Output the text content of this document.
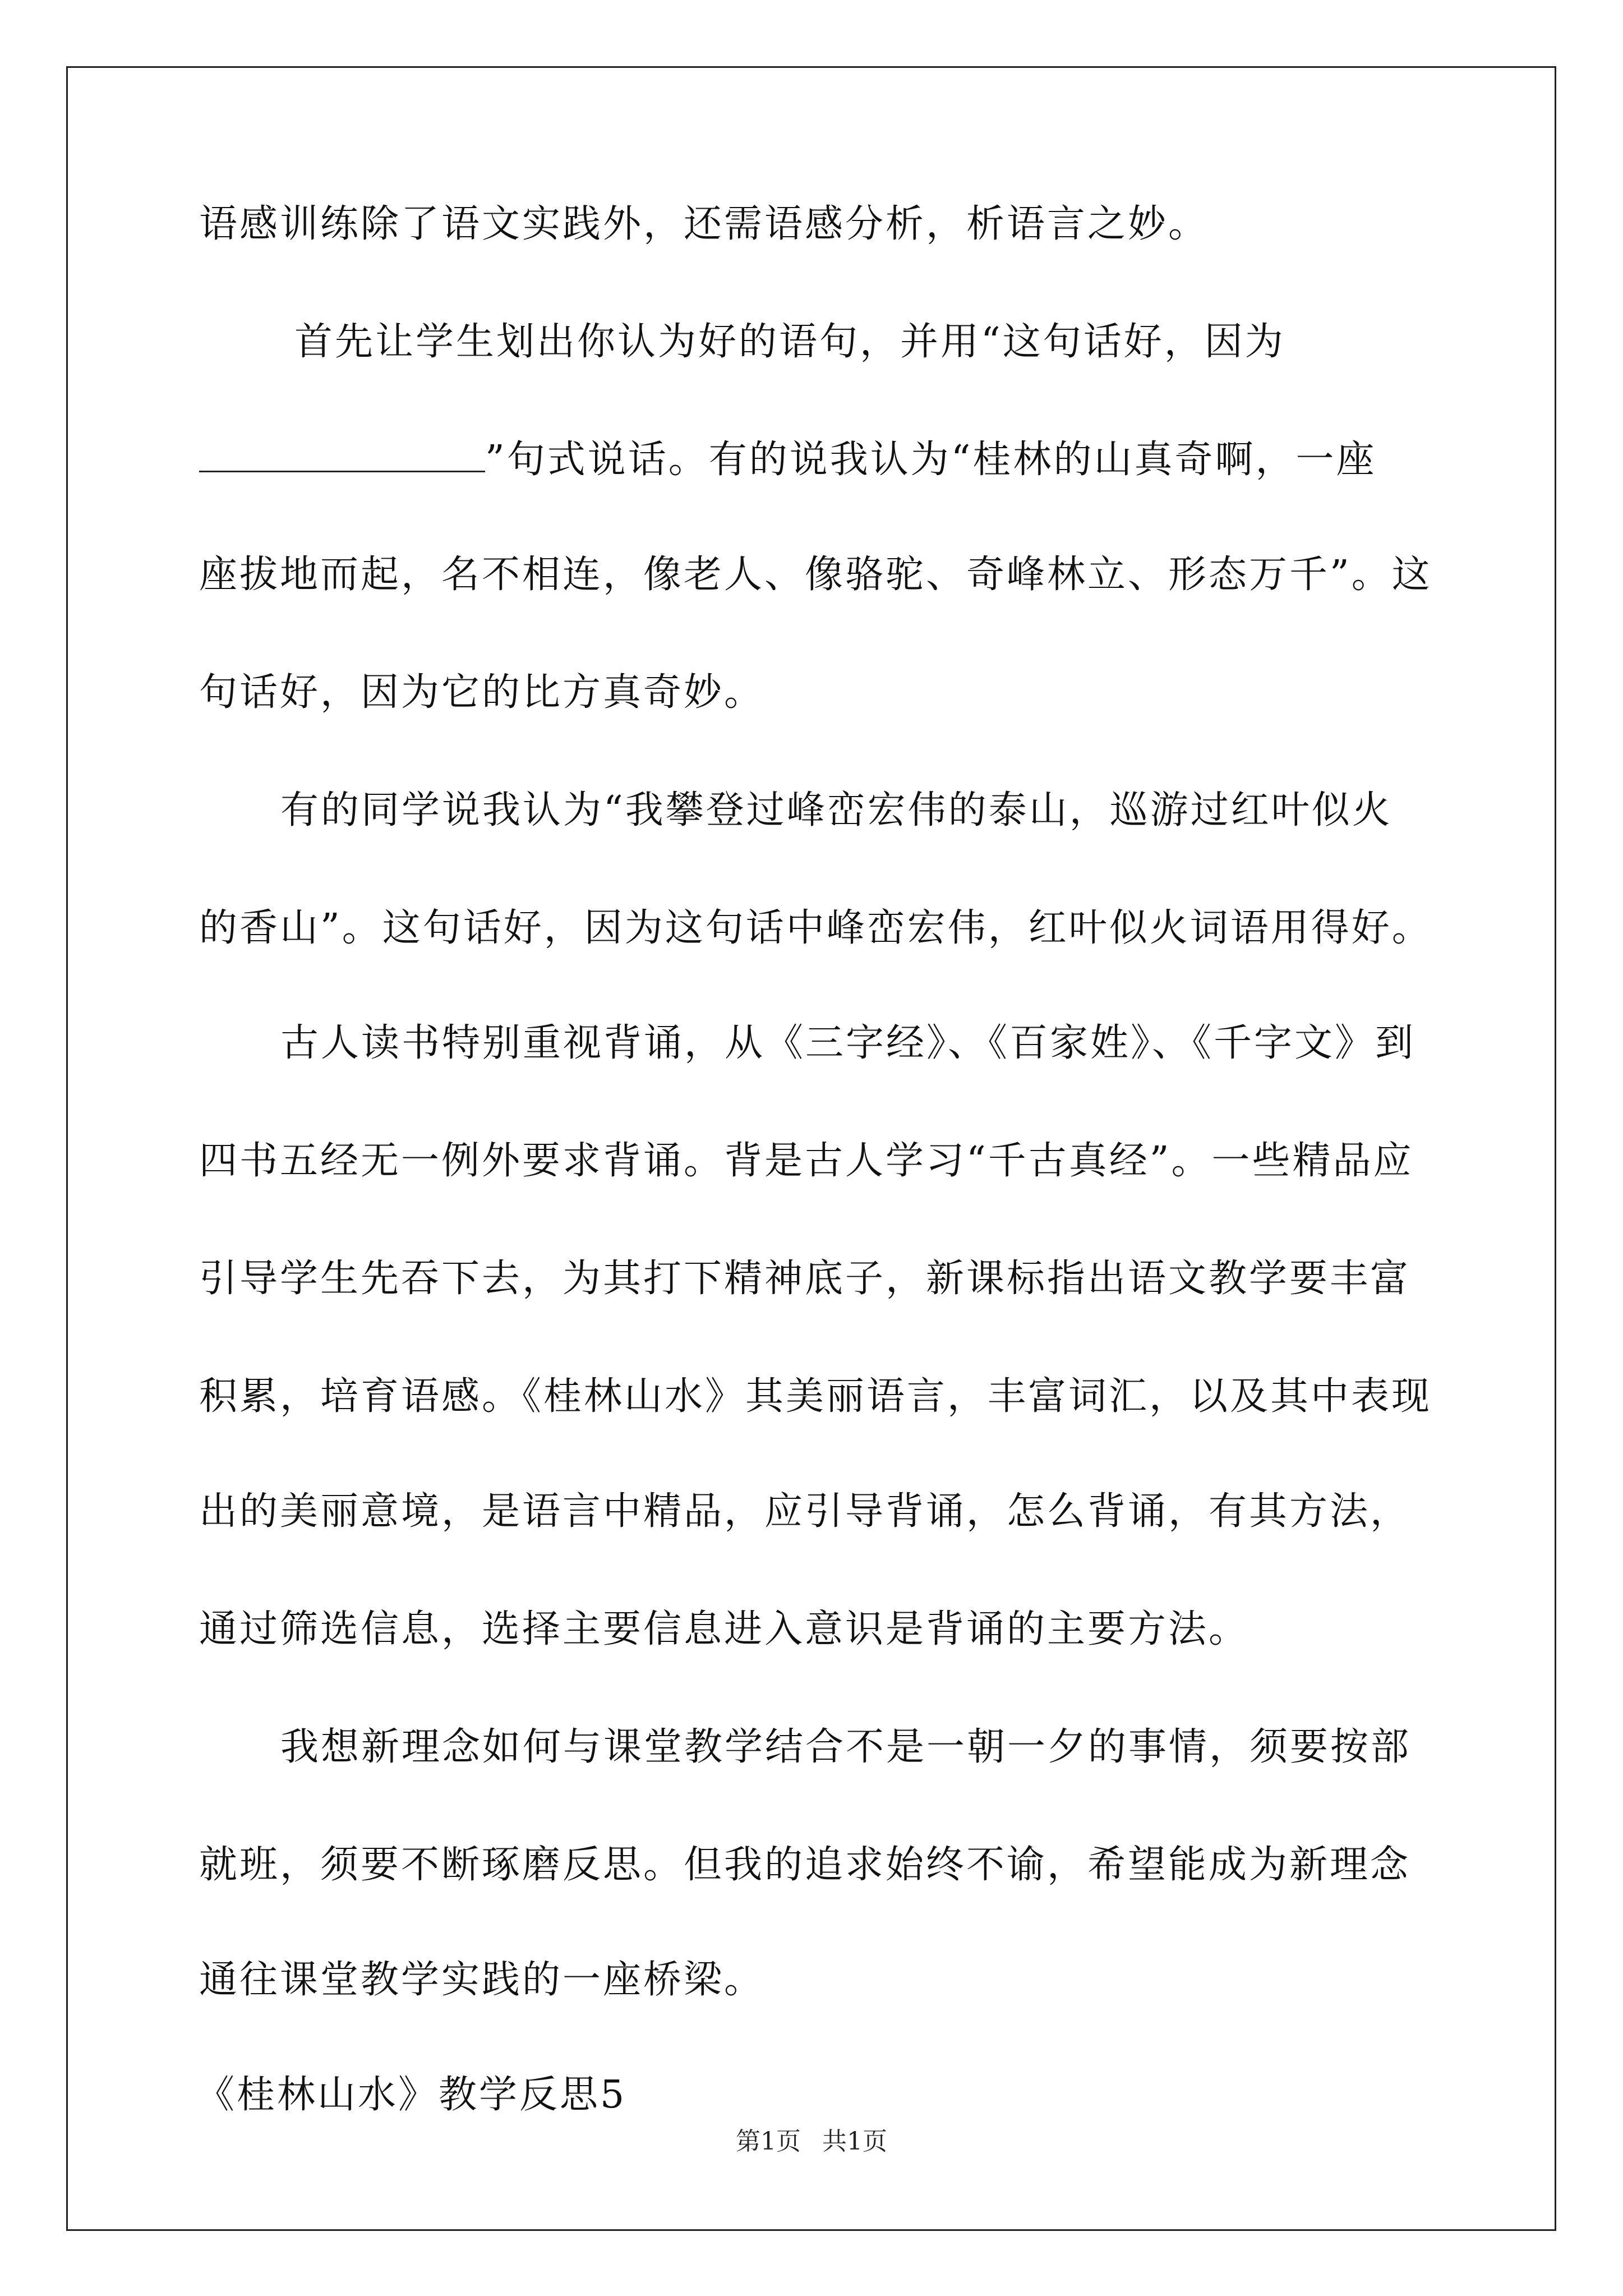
语感训练除了语文实践外，还需语感分析，析语言之妙。
首先让学生划出你认为好的语句，并用“这句话好，因为
”句式说话。有的说我认为“桂林的山真奇啊，一座
座拔地而起，名不相连，像老人、像骆驼、奇峰林立、形态万千”。这
句话好，因为它的比方真奇妙。
有的同学说我认为“我攀登过峰峦宏伟的泰山，巡游过红叶似火
的香山”。这句话好，因为这句话中峰峦宏伟，红叶似火词语用得好。
古人读书特别重视背诵，从《三字经》、《百家姓》、《千字文》到
四书五经无一例外要求背诵。背是古人学习“千古真经”。一些精品应
引导学生先吞下去，为其打下精神底子，新课标指出语文教学要丰富
积累，培育语感。《桂林山水》其美丽语言，丰富词汇，以及其中表现
出的美丽意境，是语言中精品，应引导背诵，怎么背诵，有其方法，
通过筛选信息，选择主要信息进入意识是背诵的主要方法。
我想新理念如何与课堂教学结合不是一朝一夕的事情，须要按部
就班，须要不断琢磨反思。但我的追求始终不谕，希望能成为新理念
通往课堂教学实践的一座桥梁。
《桂林山水》教学反思5
第1页 共1页
